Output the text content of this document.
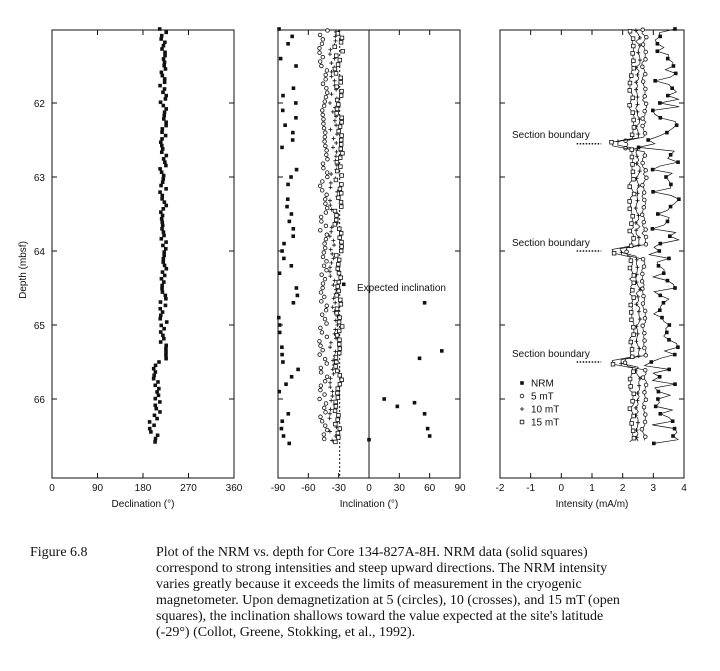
0	90	180	270	360
Declination (°)
-90 -60 -30 0 30 60 90
Inclination (°)
-2 -1 0	1	2	3	4
Intensity (mA/m)
Depth (mbsf)
62
63
64
65
66
Expected inclination
Section boundary
Section boundary
Section boundary
NRM
5 mT
10 mT
15 mT
Figure 6.8	Plot of the NRM vs. depth for Core 134-827A-8H. NRM data (solid squares)
correspond to strong intensities and steep upward directions. The NRM intensity
varies greatly because it exceeds the limits of measurement in the cryogenic
magnetometer. Upon demagnetization at 5 (circles), 10 (crosses), and 15 mT (open
squares), the inclination shallows toward the value expected at the site's latitude
(-29°) (Collot, Greene, Stokking, et al., 1992).
